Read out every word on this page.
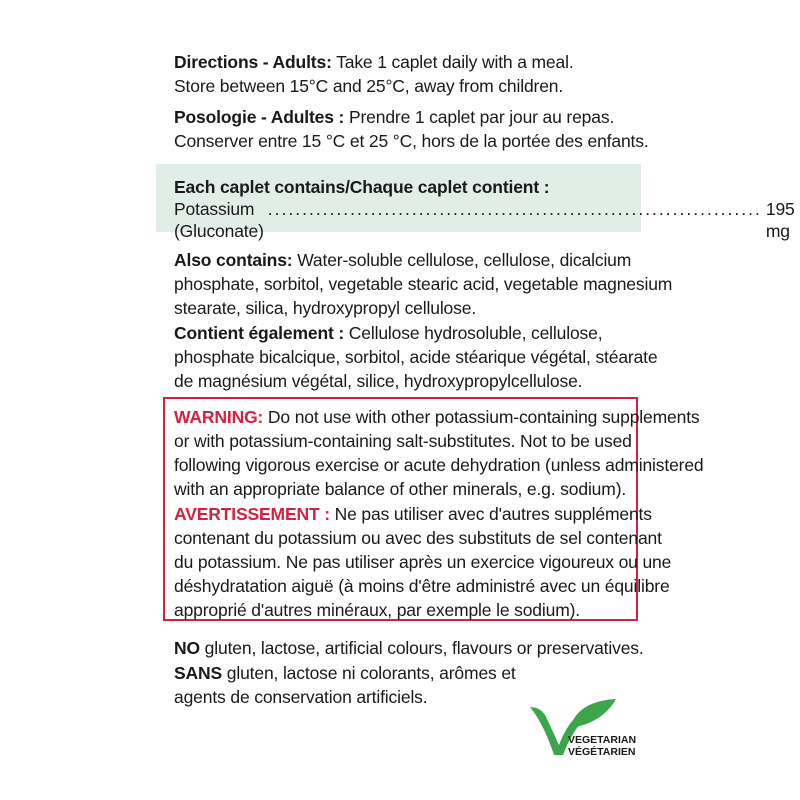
Directions - Adults: Take 1 caplet daily with a meal.

Store between 15°C and 25°C, away from children.

Posologie - Adultes : Prendre 1 caplet par jour au repas.

Conserver entre 15 °C et 25 °C, hors de la portée des enfants.

Each caplet contains/Chaque caplet contient :
Potassium (Gluconate)
........................................................................ 195 mg

Also contains: Water-soluble cellulose, cellulose, dicalcium

phosphate, sorbitol, vegetable stearic acid, vegetable magnesium

stearate, silica, hydroxypropyl cellulose.

Contient également : Cellulose hydrosoluble, cellulose,

phosphate bicalcique, sorbitol, acide stéarique végétal, stéarate

de magnésium végétal, silice, hydroxypropylcellulose.

WARNING: Do not use with other potassium-containing supplements

or with potassium-containing salt-substitutes. Not to be used

following vigorous exercise or acute dehydration (unless administered

with an appropriate balance of other minerals, e.g. sodium).

AVERTISSEMENT : Ne pas utiliser avec d'autres suppléments

contenant du potassium ou avec des substituts de sel contenant

du potassium. Ne pas utiliser après un exercice vigoureux ou une

déshydratation aiguë (à moins d'être administré avec un équilibre

approprié d'autres minéraux, par exemple le sodium).

NO gluten, lactose, artificial colours, flavours or preservatives.

SANS gluten, lactose ni colorants, arômes et

agents de conservation artificiels.

VEGETARIAN
VÉGÉTARIEN
